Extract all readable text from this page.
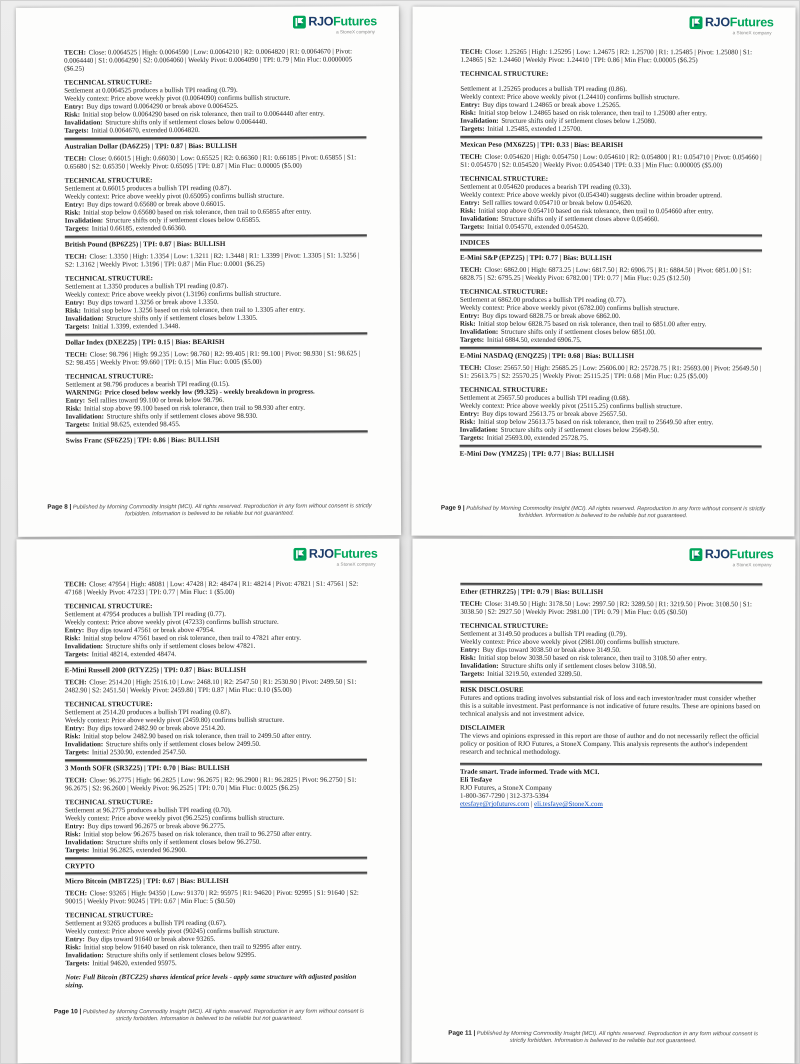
RJOFutures
a StoneX company
TECH: Close: 0.0064525 | High: 0.0064590 | Low: 0.0064210 | R2: 0.0064820 | R1: 0.0064670 | Pivot: 0.0064440 | S1: 0.0064290 | S2: 0.0064060 | Weekly Pivot: 0.0064090 | TPI: 0.79 | Min Fluc: 0.0000005 ($6.25)
TECHNICAL STRUCTURE:
Settlement at 0.0064525 produces a bullish TPI reading (0.79).
Weekly context: Price above weekly pivot (0.0064090) confirms bullish structure.
Entry: Buy dips toward 0.0064290 or break above 0.0064525.
Risk: Initial stop below 0.0064290 based on risk tolerance, then trail to 0.0064440 after entry.
Invalidation: Structure shifts only if settlement closes below 0.0064440.
Targets: Initial 0.0064670, extended 0.0064820.
Australian Dollar (DA6Z25) | TPI: 0.87 | Bias: BULLISH
TECH: Close: 0.66015 | High: 0.66030 | Low: 0.65525 | R2: 0.66360 | R1: 0.66185 | Pivot: 0.65855 | S1: 0.65680 | S2: 0.65350 | Weekly Pivot: 0.65095 | TPI: 0.87 | Min Fluc: 0.00005 ($5.00)
TECHNICAL STRUCTURE:
Settlement at 0.66015 produces a bullish TPI reading (0.87).
Weekly context: Price above weekly pivot (0.65095) confirms bullish structure.
Entry: Buy dips toward 0.65680 or break above 0.66015.
Risk: Initial stop below 0.65680 based on risk tolerance, then trail to 0.65855 after entry.
Invalidation: Structure shifts only if settlement closes below 0.65855.
Targets: Initial 0.66185, extended 0.66360.
British Pound (BP6Z25) | TPI: 0.87 | Bias: BULLISH
TECH: Close: 1.3350 | High: 1.3354 | Low: 1.3211 | R2: 1.3448 | R1: 1.3399 | Pivot: 1.3305 | S1: 1.3256 | S2: 1.3162 | Weekly Pivot: 1.3196 | TPI: 0.87 | Min Fluc: 0.0001 ($6.25)
TECHNICAL STRUCTURE:
Settlement at 1.3350 produces a bullish TPI reading (0.87).
Weekly context: Price above weekly pivot (1.3196) confirms bullish structure.
Entry: Buy dips toward 1.3256 or break above 1.3350.
Risk: Initial stop below 1.3256 based on risk tolerance, then trail to 1.3305 after entry.
Invalidation: Structure shifts only if settlement closes below 1.3305.
Targets: Initial 1.3399, extended 1.3448.
Dollar Index (DXEZ25) | TPI: 0.15 | Bias: BEARISH
TECH: Close: 98.796 | High: 99.235 | Low: 98.760 | R2: 99.405 | R1: 99.100 | Pivot: 98.930 | S1: 98.625 | S2: 98.455 | Weekly Pivot: 99.660 | TPI: 0.15 | Min Fluc: 0.005 ($5.00)
TECHNICAL STRUCTURE:
Settlement at 98.796 produces a bearish TPI reading (0.15).
WARNING: Price closed below weekly low (99.325) - weekly breakdown in progress.
Entry: Sell rallies toward 99.100 or break below 98.796.
Risk: Initial stop above 99.100 based on risk tolerance, then trail to 98.930 after entry.
Invalidation: Structure shifts only if settlement closes above 98.930.
Targets: Initial 98.625, extended 98.455.
Swiss Franc (SF6Z25) | TPI: 0.86 | Bias: BULLISH
Page 8 | Published by Morning Commodity Insight (MCI). All rights reserved. Reproduction in any form without consent is strictly forbidden. Information is believed to be reliable but not guaranteed.
RJOFutures
a StoneX company
TECH: Close: 1.25265 | High: 1.25295 | Low: 1.24675 | R2: 1.25700 | R1: 1.25485 | Pivot: 1.25080 | S1: 1.24865 | S2: 1.24460 | Weekly Pivot: 1.24410 | TPI: 0.86 | Min Fluc: 0.00005 ($6.25)
TECHNICAL STRUCTURE:
Settlement at 1.25265 produces a bullish TPI reading (0.86).
Weekly context: Price above weekly pivot (1.24410) confirms bullish structure.
Entry: Buy dips toward 1.24865 or break above 1.25265.
Risk: Initial stop below 1.24865 based on risk tolerance, then trail to 1.25080 after entry.
Invalidation: Structure shifts only if settlement closes below 1.25080.
Targets: Initial 1.25485, extended 1.25700.
Mexican Peso (MX6Z25) | TPI: 0.33 | Bias: BEARISH
TECH: Close: 0.054620 | High: 0.054750 | Low: 0.054610 | R2: 0.054800 | R1: 0.054710 | Pivot: 0.054660 | S1: 0.054570 | S2: 0.054520 | Weekly Pivot: 0.054340 | TPI: 0.33 | Min Fluc: 0.000005 ($5.00)
TECHNICAL STRUCTURE:
Settlement at 0.054620 produces a bearish TPI reading (0.33).
Weekly context: Price above weekly pivot (0.054340) suggests decline within broader uptrend.
Entry: Sell rallies toward 0.054710 or break below 0.054620.
Risk: Initial stop above 0.054710 based on risk tolerance, then trail to 0.054660 after entry.
Invalidation: Structure shifts only if settlement closes above 0.054660.
Targets: Initial 0.054570, extended 0.054520.
INDICES
E-Mini S&P (EPZ25) | TPI: 0.77 | Bias: BULLISH
TECH: Close: 6862.00 | High: 6873.25 | Low: 6817.50 | R2: 6906.75 | R1: 6884.50 | Pivot: 6851.00 | S1: 6828.75 | S2: 6795.25 | Weekly Pivot: 6782.00 | TPI: 0.77 | Min Fluc: 0.25 ($12.50)
TECHNICAL STRUCTURE:
Settlement at 6862.00 produces a bullish TPI reading (0.77).
Weekly context: Price above weekly pivot (6782.00) confirms bullish structure.
Entry: Buy dips toward 6828.75 or break above 6862.00.
Risk: Initial stop below 6828.75 based on risk tolerance, then trail to 6851.00 after entry.
Invalidation: Structure shifts only if settlement closes below 6851.00.
Targets: Initial 6884.50, extended 6906.75.
E-Mini NASDAQ (ENQZ25) | TPI: 0.68 | Bias: BULLISH
TECH: Close: 25657.50 | High: 25685.25 | Low: 25606.00 | R2: 25728.75 | R1: 25693.00 | Pivot: 25649.50 | S1: 25613.75 | S2: 25570.25 | Weekly Pivot: 25115.25 | TPI: 0.68 | Min Fluc: 0.25 ($5.00)
TECHNICAL STRUCTURE:
Settlement at 25657.50 produces a bullish TPI reading (0.68).
Weekly context: Price above weekly pivot (25115.25) confirms bullish structure.
Entry: Buy dips toward 25613.75 or break above 25657.50.
Risk: Initial stop below 25613.75 based on risk tolerance, then trail to 25649.50 after entry.
Invalidation: Structure shifts only if settlement closes below 25649.50.
Targets: Initial 25693.00, extended 25728.75.
E-Mini Dow (YMZ25) | TPI: 0.77 | Bias: BULLISH
Page 9 | Published by Morning Commodity Insight (MCI). All rights reserved. Reproduction in any form without consent is strictly forbidden. Information is believed to be reliable but not guaranteed.
RJOFutures
a StoneX company
TECH: Close: 47954 | High: 48081 | Low: 47428 | R2: 48474 | R1: 48214 | Pivot: 47821 | S1: 47561 | S2: 47168 | Weekly Pivot: 47233 | TPI: 0.77 | Min Fluc: 1 ($5.00)
TECHNICAL STRUCTURE:
Settlement at 47954 produces a bullish TPI reading (0.77).
Weekly context: Price above weekly pivot (47233) confirms bullish structure.
Entry: Buy dips toward 47561 or break above 47954.
Risk: Initial stop below 47561 based on risk tolerance, then trail to 47821 after entry.
Invalidation: Structure shifts only if settlement closes below 47821.
Targets: Initial 48214, extended 48474.
E-Mini Russell 2000 (RTYZ25) | TPI: 0.87 | Bias: BULLISH
TECH: Close: 2514.20 | High: 2516.10 | Low: 2468.10 | R2: 2547.50 | R1: 2530.90 | Pivot: 2499.50 | S1: 2482.90 | S2: 2451.50 | Weekly Pivot: 2459.80 | TPI: 0.87 | Min Fluc: 0.10 ($5.00)
TECHNICAL STRUCTURE:
Settlement at 2514.20 produces a bullish TPI reading (0.87).
Weekly context: Price above weekly pivot (2459.80) confirms bullish structure.
Entry: Buy dips toward 2482.90 or break above 2514.20.
Risk: Initial stop below 2482.90 based on risk tolerance, then trail to 2499.50 after entry.
Invalidation: Structure shifts only if settlement closes below 2499.50.
Targets: Initial 2530.90, extended 2547.50.
3 Month SOFR (SR3Z25) | TPI: 0.70 | Bias: BULLISH
TECH: Close: 96.2775 | High: 96.2825 | Low: 96.2675 | R2: 96.2900 | R1: 96.2825 | Pivot: 96.2750 | S1: 96.2675 | S2: 96.2600 | Weekly Pivot: 96.2525 | TPI: 0.70 | Min Fluc: 0.0025 ($6.25)
TECHNICAL STRUCTURE:
Settlement at 96.2775 produces a bullish TPI reading (0.70).
Weekly context: Price above weekly pivot (96.2525) confirms bullish structure.
Entry: Buy dips toward 96.2675 or break above 96.2775.
Risk: Initial stop below 96.2675 based on risk tolerance, then trail to 96.2750 after entry.
Invalidation: Structure shifts only if settlement closes below 96.2750.
Targets: Initial 96.2825, extended 96.2900.
CRYPTO
Micro Bitcoin (MBTZ25) | TPI: 0.67 | Bias: BULLISH
TECH: Close: 93265 | High: 94350 | Low: 91370 | R2: 95975 | R1: 94620 | Pivot: 92995 | S1: 91640 | S2: 90015 | Weekly Pivot: 90245 | TPI: 0.67 | Min Fluc: 5 ($0.50)
TECHNICAL STRUCTURE:
Settlement at 93265 produces a bullish TPI reading (0.67).
Weekly context: Price above weekly pivot (90245) confirms bullish structure.
Entry: Buy dips toward 91640 or break above 93265.
Risk: Initial stop below 91640 based on risk tolerance, then trail to 92995 after entry.
Invalidation: Structure shifts only if settlement closes below 92995.
Targets: Initial 94620, extended 95975.
Note: Full Bitcoin (BTCZ25) shares identical price levels - apply same structure with adjusted position sizing.
Page 10 | Published by Morning Commodity Insight (MCI). All rights reserved. Reproduction in any form without consent is strictly forbidden. Information is believed to be reliable but not guaranteed.
RJOFutures
a StoneX company
Ether (ETHRZ25) | TPI: 0.79 | Bias: BULLISH
TECH: Close: 3149.50 | High: 3178.50 | Low: 2997.50 | R2: 3289.50 | R1: 3219.50 | Pivot: 3108.50 | S1: 3038.50 | S2: 2927.50 | Weekly Pivot: 2981.00 | TPI: 0.79 | Min Fluc: 0.05 ($0.50)
TECHNICAL STRUCTURE:
Settlement at 3149.50 produces a bullish TPI reading (0.79).
Weekly context: Price above weekly pivot (2981.00) confirms bullish structure.
Entry: Buy dips toward 3038.50 or break above 3149.50.
Risk: Initial stop below 3038.50 based on risk tolerance, then trail to 3108.50 after entry.
Invalidation: Structure shifts only if settlement closes below 3108.50.
Targets: Initial 3219.50, extended 3289.50.
RISK DISCLOSURE
Futures and options trading involves substantial risk of loss and each investor/trader must consider whether this is a suitable investment. Past performance is not indicative of future results. These are opinions based on technical analysis and not investment advice.
DISCLAIMER
The views and opinions expressed in this report are those of author and do not necessarily reflect the official policy or position of RJO Futures, a StoneX Company. This analysis represents the author's independent research and technical methodology.
Trade smart. Trade informed. Trade with MCI.
Eli Tesfaye
RJO Futures, a StoneX Company
1-800-367-7290 | 312-373-5394
etesfaye@rjofutures.com | eli.tesfaye@StoneX.com
Page 11 | Published by Morning Commodity Insight (MCI). All rights reserved. Reproduction in any form without consent is strictly forbidden. Information is believed to be reliable but not guaranteed.
